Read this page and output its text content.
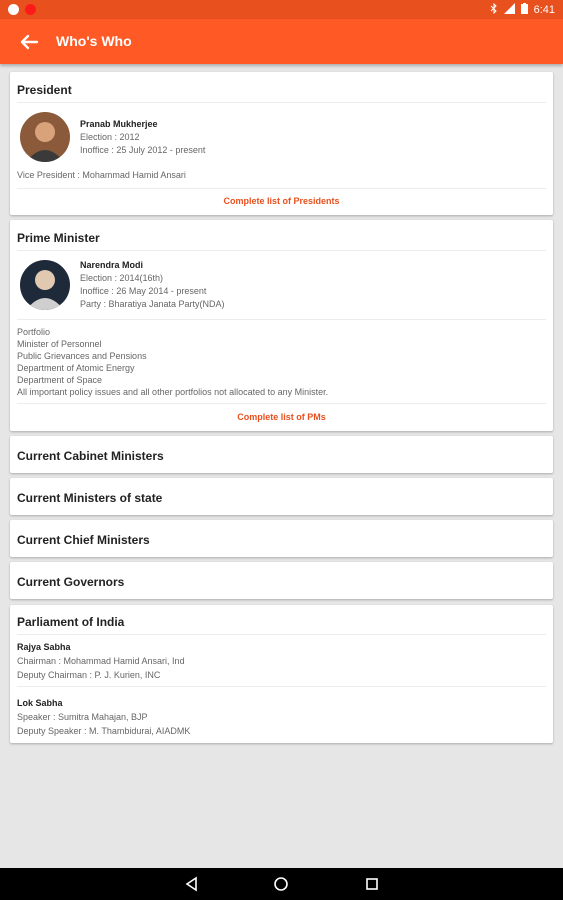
6:41
Who's Who
President
Pranab Mukherjee
Election : 2012
Inoffice : 25 July 2012 - present
Vice President : Mohammad Hamid Ansari
Complete list of Presidents
Prime Minister
Narendra Modi
Election : 2014(16th)
Inoffice : 26 May 2014 - present
Party : Bharatiya Janata Party(NDA)
Portfolio
Minister of Personnel
Public Grievances and Pensions
Department of Atomic Energy
Department of Space
All important policy issues and all other portfolios not allocated to any Minister.
Complete list of PMs
Current Cabinet Ministers
Current Ministers of state
Current Chief Ministers
Current Governors
Parliament of India
Rajya Sabha
Chairman : Mohammad Hamid Ansari, Ind
Deputy Chairman : P. J. Kurien, INC
Lok Sabha
Speaker : Sumitra Mahajan, BJP
Deputy Speaker : M. Thambidurai, AIADMK
